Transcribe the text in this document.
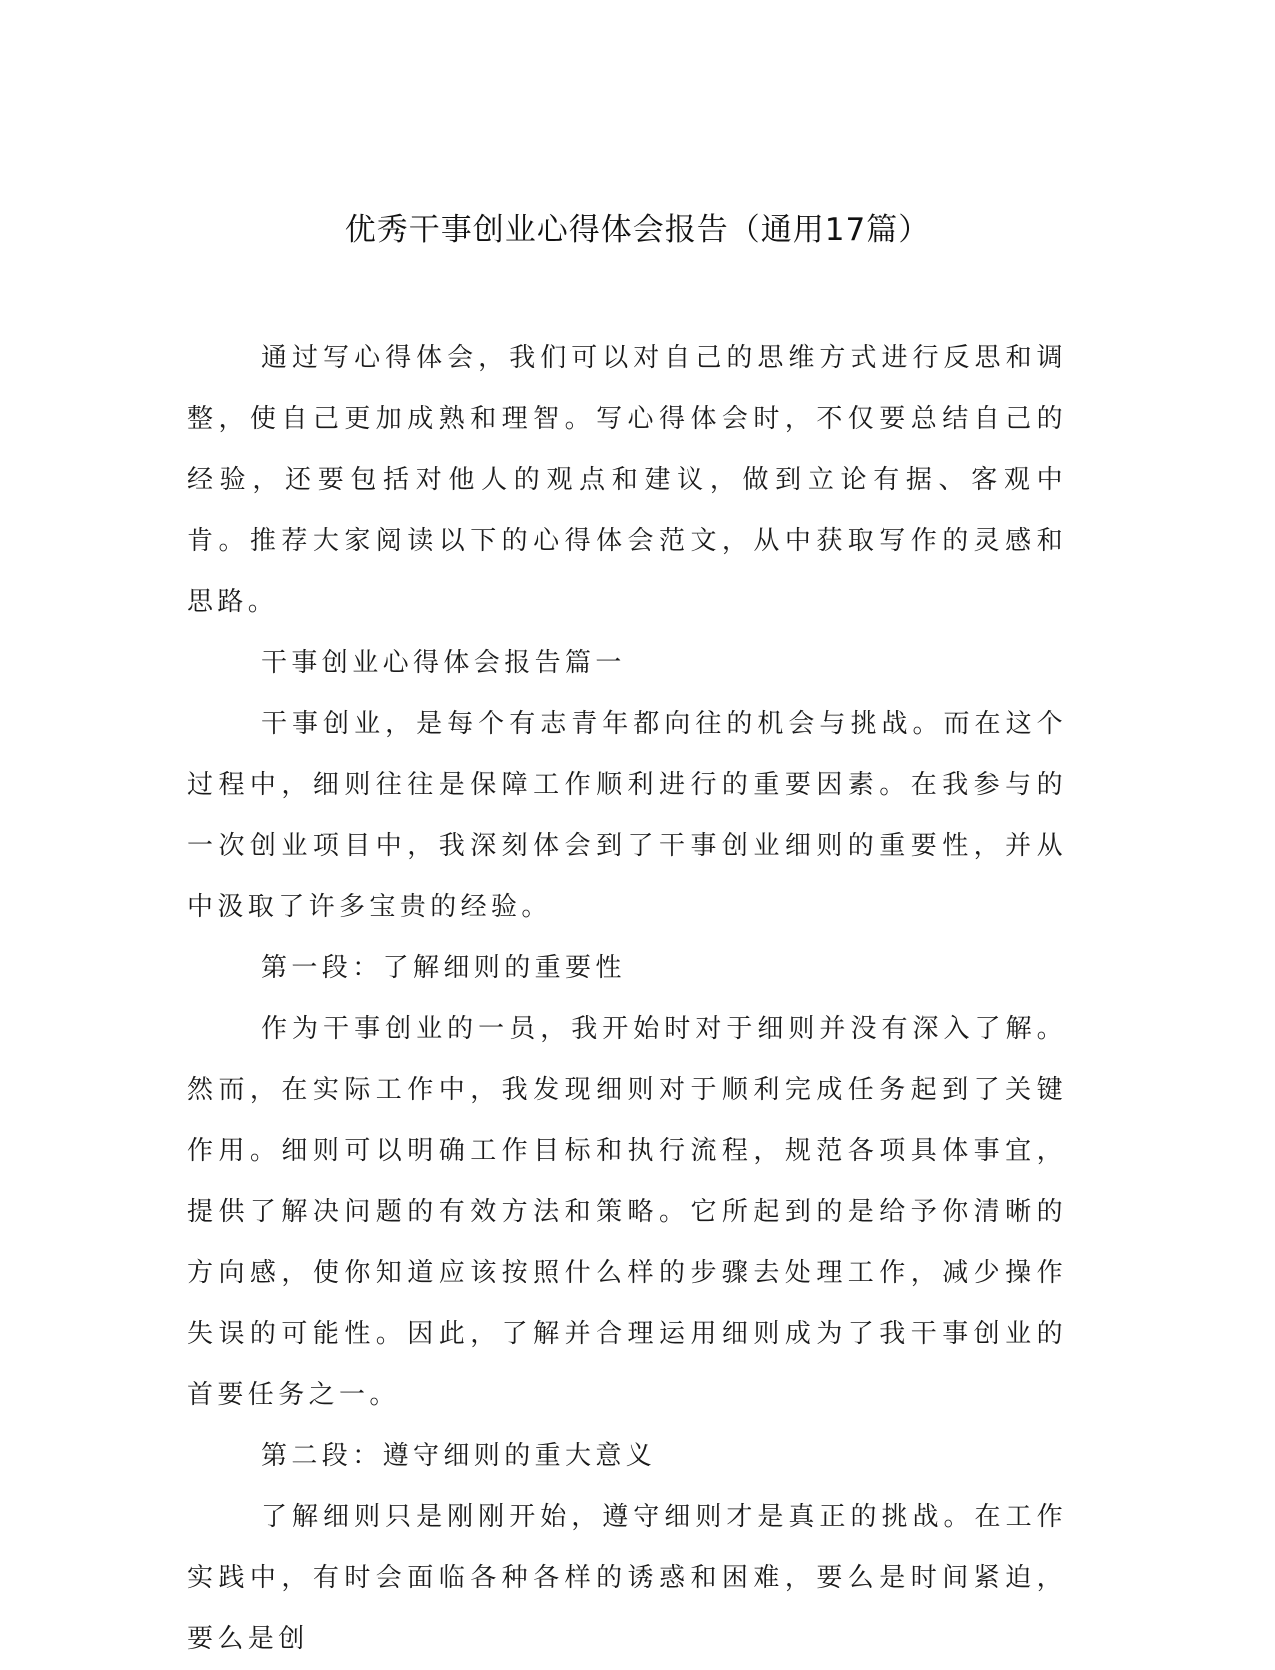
优秀干事创业心得体会报告（通用17篇）

通过写心得体会，我们可以对自己的思维方式进行反思和调整，使自己更加成熟和理智。写心得体会时，不仅要总结自己的经验，还要包括对他人的观点和建议，做到立论有据、客观中肯。推荐大家阅读以下的心得体会范文，从中获取写作的灵感和思路。

干事创业心得体会报告篇一

干事创业，是每个有志青年都向往的机会与挑战。而在这个过程中，细则往往是保障工作顺利进行的重要因素。在我参与的一次创业项目中，我深刻体会到了干事创业细则的重要性，并从中汲取了许多宝贵的经验。

第一段：了解细则的重要性

作为干事创业的一员，我开始时对于细则并没有深入了解。然而，在实际工作中，我发现细则对于顺利完成任务起到了关键作用。细则可以明确工作目标和执行流程，规范各项具体事宜，提供了解决问题的有效方法和策略。它所起到的是给予你清晰的方向感，使你知道应该按照什么样的步骤去处理工作，减少操作失误的可能性。因此，了解并合理运用细则成为了我干事创业的首要任务之一。

第二段：遵守细则的重大意义

了解细则只是刚刚开始，遵守细则才是真正的挑战。在工作实践中，有时会面临各种各样的诱惑和困难，要么是时间紧迫，要么是创
